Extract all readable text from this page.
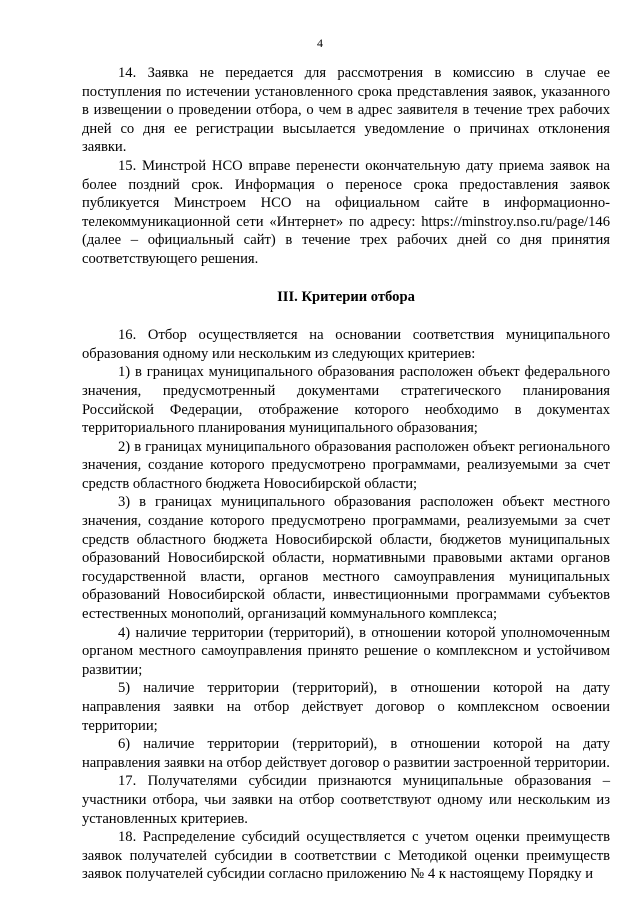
4

14. Заявка не передается для рассмотрения в комиссию в случае ее поступления по истечении установленного срока представления заявок, указанного в извещении о проведении отбора, о чем в адрес заявителя в течение трех рабочих дней со дня ее регистрации высылается уведомление о причинах отклонения заявки.

15. Минстрой НСО вправе перенести окончательную дату приема заявок на более поздний срок. Информация о переносе срока предоставления заявок публикуется Минстроем НСО на официальном сайте в информационно-телекоммуникационной сети «Интернет» по адресу: https://minstroy.nso.ru/page/146 (далее – официальный сайт) в течение трех рабочих дней со дня принятия соответствующего решения.

III. Критерии отбора

16. Отбор осуществляется на основании соответствия муниципального образования одному или нескольким из следующих критериев:

1) в границах муниципального образования расположен объект федерального значения, предусмотренный документами стратегического планирования Российской Федерации, отображение которого необходимо в документах территориального планирования муниципального образования;

2) в границах муниципального образования расположен объект регионального значения, создание которого предусмотрено программами, реализуемыми за счет средств областного бюджета Новосибирской области;

3) в границах муниципального образования расположен объект местного значения, создание которого предусмотрено программами, реализуемыми за счет средств областного бюджета Новосибирской области, бюджетов муниципальных образований Новосибирской области, нормативными правовыми актами органов государственной власти, органов местного самоуправления муниципальных образований Новосибирской области, инвестиционными программами субъектов естественных монополий, организаций коммунального комплекса;

4) наличие территории (территорий), в отношении которой уполномоченным органом местного самоуправления принято решение о комплексном и устойчивом развитии;

5) наличие территории (территорий), в отношении которой на дату направления заявки на отбор действует договор о комплексном освоении территории;

6) наличие территории (территорий), в отношении которой на дату направления заявки на отбор действует договор о развитии застроенной территории.

17. Получателями субсидии признаются муниципальные образования – участники отбора, чьи заявки на отбор соответствуют одному или нескольким из установленных критериев.

18. Распределение субсидий осуществляется с учетом оценки преимуществ заявок получателей субсидии в соответствии с Методикой оценки преимуществ заявок получателей субсидии согласно приложению № 4 к настоящему Порядку и
